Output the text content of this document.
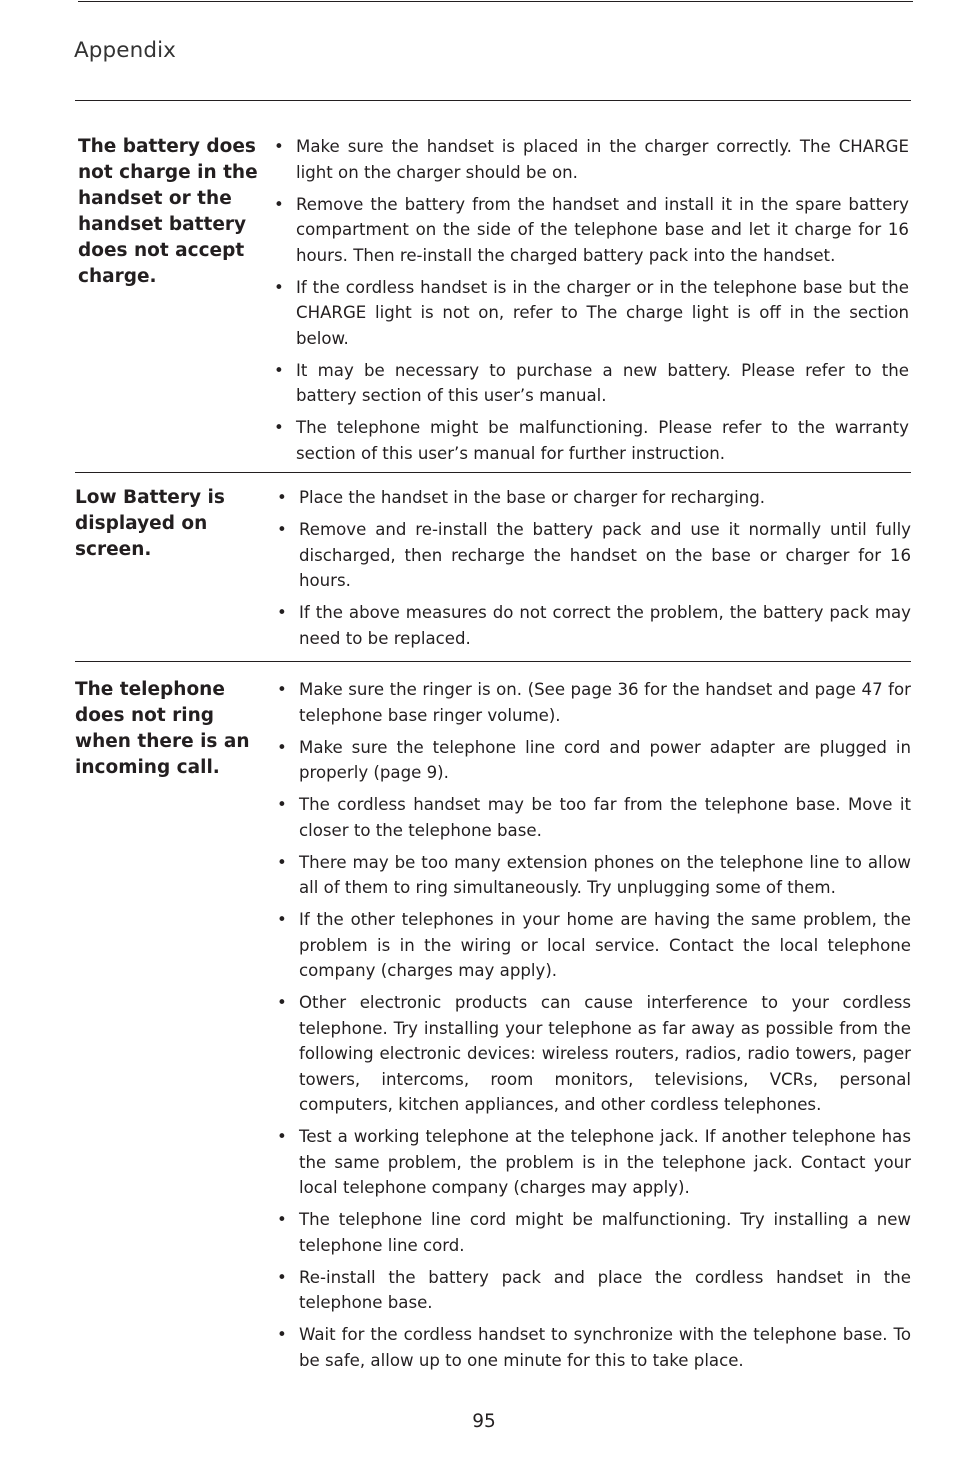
Appendix
The battery does not charge in the handset or the handset battery does not accept charge.
• Make sure the handset is placed in the charger correctly. The CHARGE light on the charger should be on.
• Remove the battery from the handset and install it in the spare battery compartment on the side of the telephone base and let it charge for 16 hours. Then re-install the charged battery pack into the handset.
• If the cordless handset is in the charger or in the telephone base but the CHARGE light is not on, refer to The charge light is off in the section below.
• It may be necessary to purchase a new battery. Please refer to the battery section of this user’s manual.
• The telephone might be malfunctioning. Please refer to the warranty section of this user’s manual for further instruction.
Low Battery is displayed on screen.
• Place the handset in the base or charger for recharging.
• Remove and re-install the battery pack and use it normally until fully discharged, then recharge the handset on the base or charger for 16 hours.
• If the above measures do not correct the problem, the battery pack may need to be replaced.
The telephone does not ring when there is an incoming call.
• Make sure the ringer is on. (See page 36 for the handset and page 47 for telephone base ringer volume).
• Make sure the telephone line cord and power adapter are plugged in properly (page 9).
• The cordless handset may be too far from the telephone base. Move it closer to the telephone base.
• There may be too many extension phones on the telephone line to allow all of them to ring simultaneously. Try unplugging some of them.
• If the other telephones in your home are having the same problem, the problem is in the wiring or local service. Contact the local telephone company (charges may apply).
• Other electronic products can cause interference to your cordless telephone. Try installing your telephone as far away as possible from the following electronic devices: wireless routers, radios, radio towers, pager towers, intercoms, room monitors, televisions, VCRs, personal computers, kitchen appliances, and other cordless telephones.
• Test a working telephone at the telephone jack. If another telephone has the same problem, the problem is in the telephone jack. Contact your local telephone company (charges may apply).
• The telephone line cord might be malfunctioning. Try installing a new telephone line cord.
• Re-install the battery pack and place the cordless handset in the telephone base.
• Wait for the cordless handset to synchronize with the telephone base. To be safe, allow up to one minute for this to take place.
95
